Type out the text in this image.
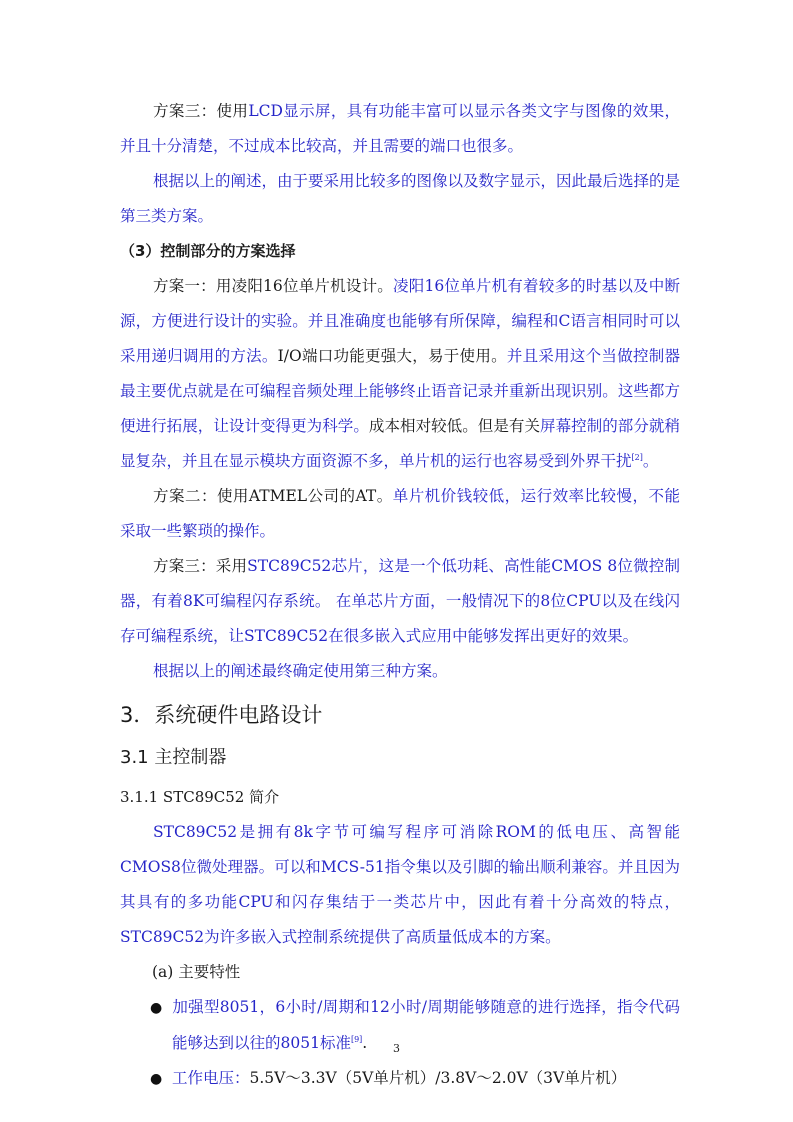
方案三：使用LCD显示屏，具有功能丰富可以显示各类文字与图像的效果，并且十分清楚，不过成本比较高，并且需要的端口也很多。

根据以上的阐述，由于要采用比较多的图像以及数字显示，因此最后选择的是第三类方案。

（3）控制部分的方案选择

方案一：用凌阳16位单片机设计。凌阳16位单片机有着较多的时基以及中断源，方便进行设计的实验。并且准确度也能够有所保障，编程和C语言相同时可以采用递归调用的方法。I/O端口功能更强大，易于使用。并且采用这个当做控制器最主要优点就是在可编程音频处理上能够终止语音记录并重新出现识别。这些都方便进行拓展，让设计变得更为科学。成本相对较低。但是有关屏幕控制的部分就稍显复杂，并且在显示模块方面资源不多，单片机的运行也容易受到外界干扰[2]。

方案二：使用ATMEL公司的AT。单片机价钱较低，运行效率比较慢，不能采取一些繁琐的操作。

方案三：采用STC89C52芯片，这是一个低功耗、高性能CMOS 8位微控制器，有着8K可编程闪存系统。 在单芯片方面，一般情况下的8位CPU以及在线闪存可编程系统，让STC89C52在很多嵌入式应用中能够发挥出更好的效果。

根据以上的阐述最终确定使用第三种方案。

3．系统硬件电路设计

3.1 主控制器

3.1.1 STC89C52 简介

STC89C52是拥有8k字节可编写程序可消除ROM的低电压、高智能CMOS8位微处理器。可以和MCS-51指令集以及引脚的输出顺利兼容。并且因为其具有的多功能CPU和闪存集结于一类芯片中，因此有着十分高效的特点，STC89C52为许多嵌入式控制系统提供了高质量低成本的方案。

(a) 主要特性

● 加强型8051，6小时/周期和12小时/周期能够随意的进行选择，指令代码能够达到以往的8051标准[9].

● 工作电压：5.5V～3.3V（5V单片机）/3.8V～2.0V（3V单片机）

3
